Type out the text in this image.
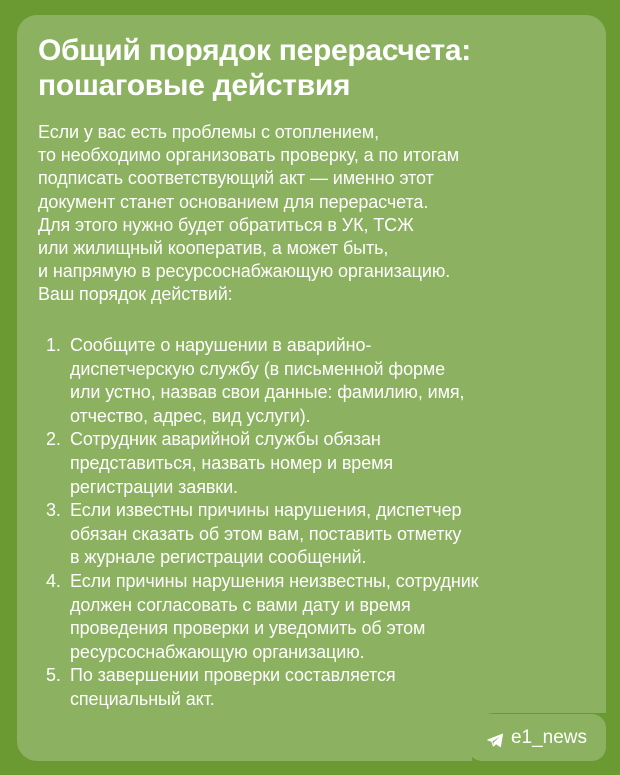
Общий порядок перерасчета:
пошаговые действия
Если у вас есть проблемы с отоплением,
то необходимо организовать проверку, а по итогам
подписать соответствующий акт — именно этот
документ станет основанием для перерасчета.
Для этого нужно будет обратиться в УК, ТСЖ
или жилищный кооператив, а может быть,
и напрямую в ресурсоснабжающую организацию.
Ваш порядок действий:
1. Сообщите о нарушении в аварийно-
диспетчерскую службу (в письменной форме
или устно, назвав свои данные: фамилию, имя,
отчество, адрес, вид услуги).
2. Сотрудник аварийной службы обязан
представиться, назвать номер и время
регистрации заявки.
3. Если известны причины нарушения, диспетчер
обязан сказать об этом вам, поставить отметку
в журнале регистрации сообщений.
4. Если причины нарушения неизвестны, сотрудник
должен согласовать с вами дату и время
проведения проверки и уведомить об этом
ресурсоснабжающую организацию.
5. По завершении проверки составляется
специальный акт.
e1_news
